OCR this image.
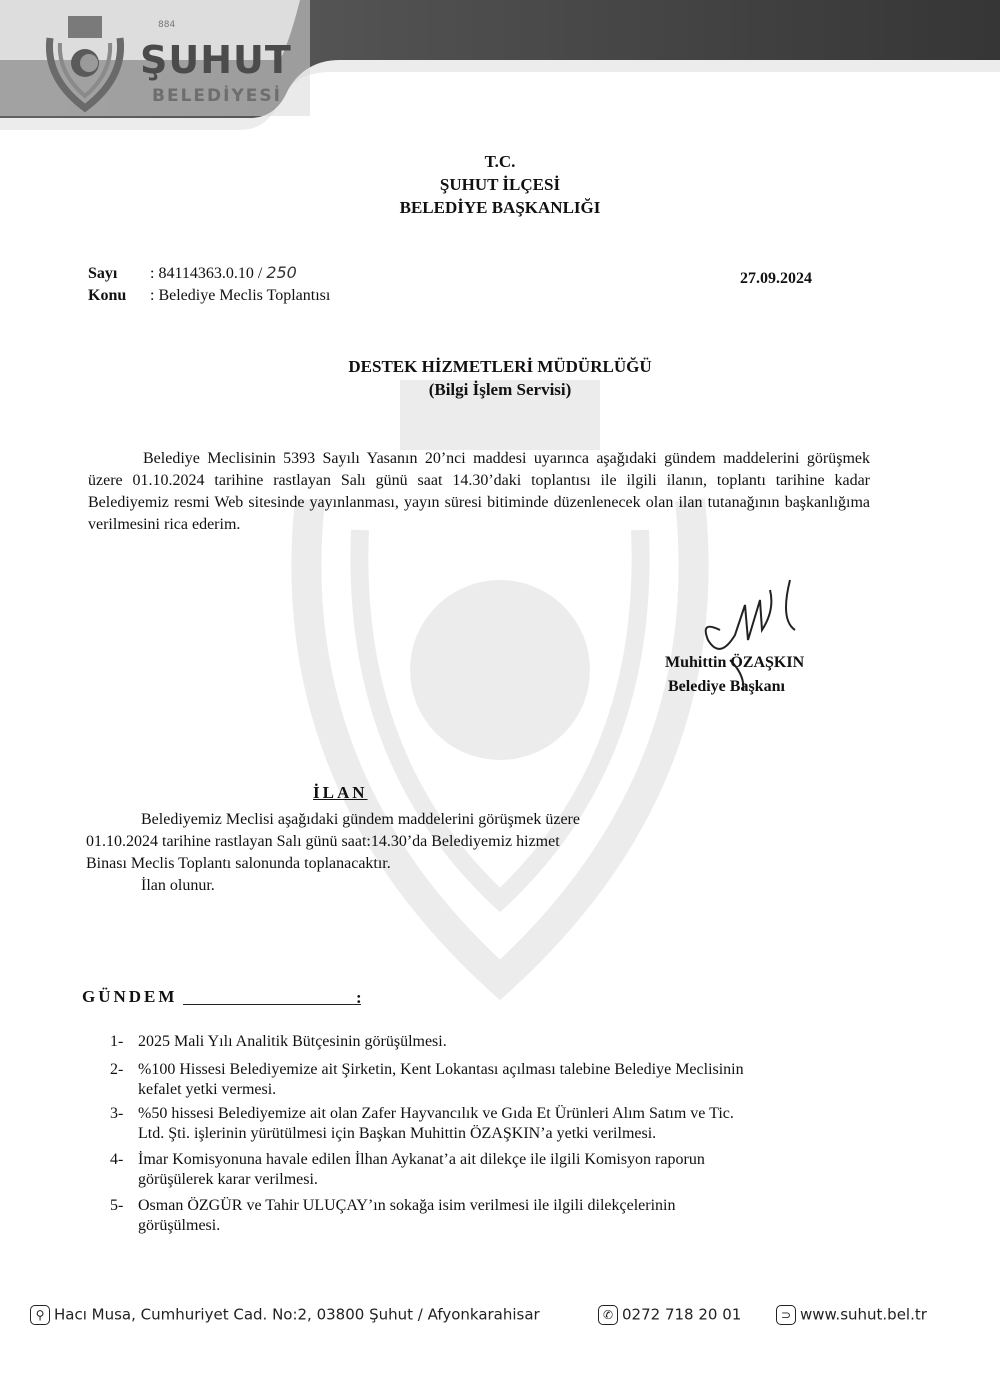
884
ŞUHUT
BELEDİYESİ
T.C.
ŞUHUT İLÇESİ
BELEDİYE BAŞKANLIĞI
Sayı : 84114363.0.10 / 250
Konu : Belediye Meclis Toplantısı
27.09.2024
DESTEK HİZMETLERİ MÜDÜRLÜĞÜ
(Bilgi İşlem Servisi)
Belediye Meclisinin 5393 Sayılı Yasanın 20’nci maddesi uyarınca aşağıdaki gündem maddelerini görüşmek üzere 01.10.2024 tarihine rastlayan Salı günü saat 14.30’daki toplantısı ile ilgili ilanın, toplantı tarihine kadar Belediyemiz resmi Web sitesinde yayınlanması, yayın süresi bitiminde düzenlenecek olan ilan tutanağının başkanlığıma verilmesini rica ederim.
Muhittin ÖZAŞKIN
Belediye Başkanı
İLAN
Belediyemiz Meclisi aşağıdaki gündem maddelerini görüşmek üzere
01.10.2024 tarihine rastlayan Salı günü saat:14.30’da Belediyemiz hizmet
Binası Meclis Toplantı salonunda toplanacaktır.
İlan olunur.
GÜNDEM	:
1- 2025 Mali Yılı Analitik Bütçesinin görüşülmesi.
2- %100 Hissesi Belediyemize ait Şirketin, Kent Lokantası açılması talebine Belediye Meclisinin
kefalet yetki vermesi.
3- %50 hissesi Belediyemize ait olan Zafer Hayvancılık ve Gıda Et Ürünleri Alım Satım ve Tic.
Ltd. Şti. işlerinin yürütülmesi için Başkan Muhittin ÖZAŞKIN’a yetki verilmesi.
4- İmar Komisyonuna havale edilen İlhan Aykanat’a ait dilekçe ile ilgili Komisyon raporun
görüşülerek karar verilmesi.
5- Osman ÖZGÜR ve Tahir ULUÇAY’ın sokağa isim verilmesi ile ilgili dilekçelerinin
görüşülmesi.
⚲ Hacı Musa, Cumhuriyet Cad. No:2, 03800 Şuhut / Afyonkarahisar	✆ 0272 718 20 01	⊃ www.suhut.bel.tr
